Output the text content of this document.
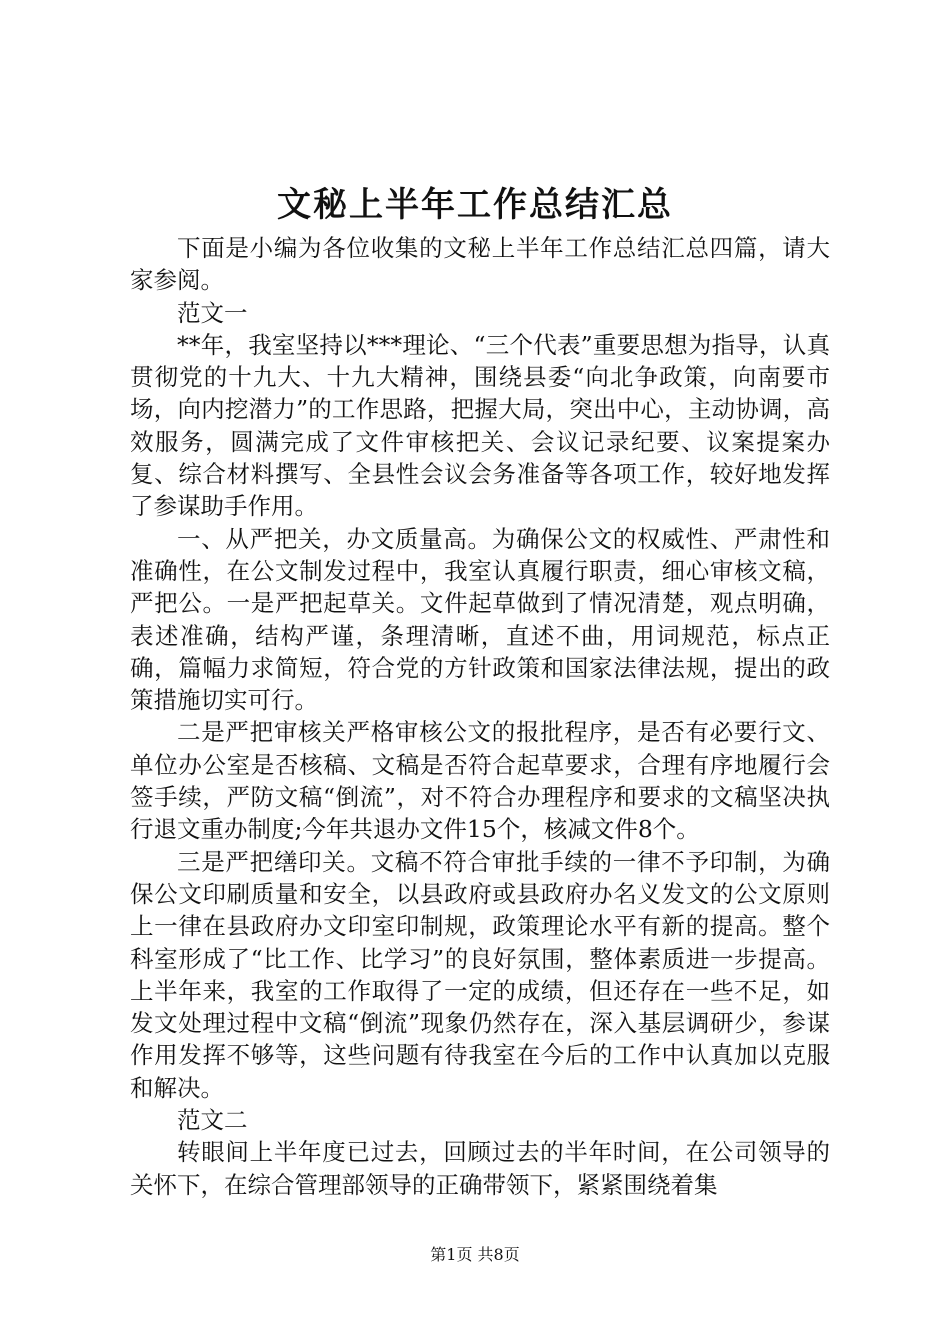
文秘上半年工作总结汇总

下面是小编为各位收集的文秘上半年工作总结汇总四篇，请大家参阅。

范文一

**年，我室坚持以***理论、“三个代表”重要思想为指导，认真贯彻党的十九大、十九大精神，围绕县委“向北争政策，向南要市场，向内挖潜力”的工作思路，把握大局，突出中心，主动协调，高效服务，圆满完成了文件审核把关、会议记录纪要、议案提案办复、综合材料撰写、全县性会议会务准备等各项工作，较好地发挥了参谋助手作用。

一、从严把关，办文质量高。为确保公文的权威性、严肃性和准确性，在公文制发过程中，我室认真履行职责，细心审核文稿，严把公。一是严把起草关。文件起草做到了情况清楚，观点明确，表述准确，结构严谨，条理清晰，直述不曲，用词规范，标点正确，篇幅力求简短，符合党的方针政策和国家法律法规，提出的政策措施切实可行。

二是严把审核关严格审核公文的报批程序，是否有必要行文、单位办公室是否核稿、文稿是否符合起草要求，合理有序地履行会签手续，严防文稿“倒流”，对不符合办理程序和要求的文稿坚决执行退文重办制度;今年共退办文件15个，核减文件8个。

三是严把缮印关。文稿不符合审批手续的一律不予印制，为确保公文印刷质量和安全，以县政府或县政府办名义发文的公文原则上一律在县政府办文印室印制规，政策理论水平有新的提高。整个科室形成了“比工作、比学习”的良好氛围，整体素质进一步提高。上半年来，我室的工作取得了一定的成绩，但还存在一些不足，如发文处理过程中文稿“倒流”现象仍然存在，深入基层调研少，参谋作用发挥不够等，这些问题有待我室在今后的工作中认真加以克服和解决。

范文二

转眼间上半年度已过去，回顾过去的半年时间，在公司领导的关怀下，在综合管理部领导的正确带领下，紧紧围绕着集

第1页 共8页
